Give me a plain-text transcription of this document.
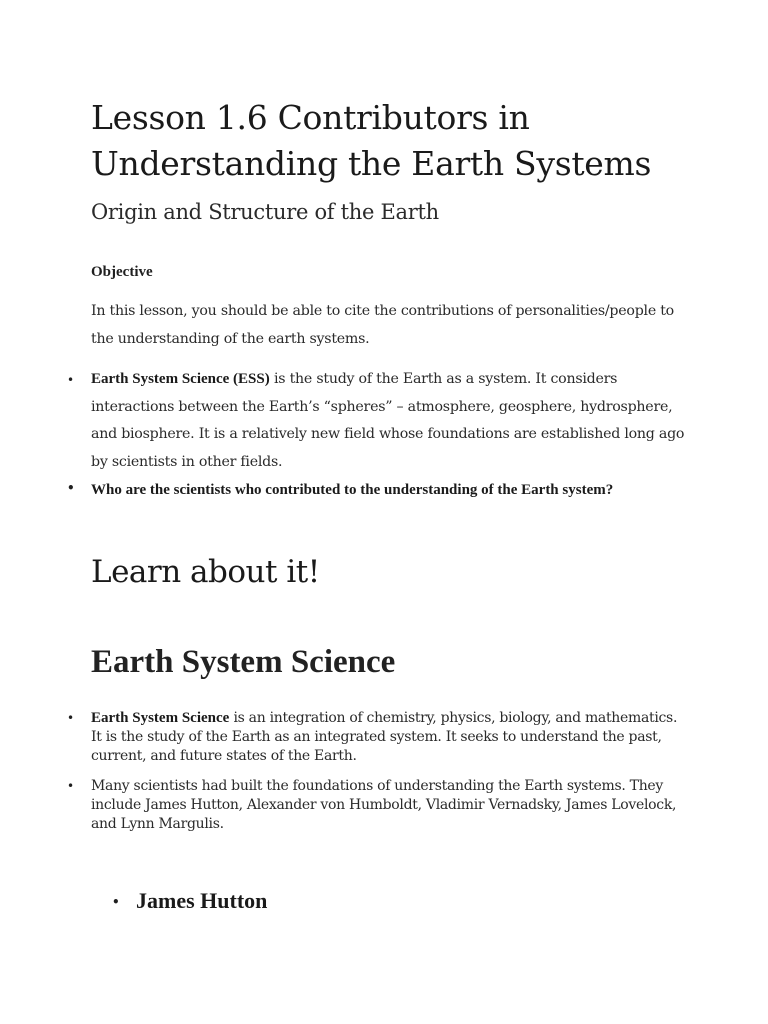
Lesson 1.6 Contributors in Understanding the Earth Systems
Origin and Structure of the Earth

Objective

In this lesson, you should be able to cite the contributions of personalities/people to the understanding of the earth systems.

• Earth System Science (ESS) is the study of the Earth as a system. It considers interactions between the Earth’s “spheres” – atmosphere, geosphere, hydrosphere, and biosphere. It is a relatively new field whose foundations are established long ago by scientists in other fields.
• Who are the scientists who contributed to the understanding of the Earth system?
Learn about it!
Earth System Science
• Earth System Science is an integration of chemistry, physics, biology, and mathematics. It is the study of the Earth as an integrated system. It seeks to understand the past, current, and future states of the Earth.
• Many scientists had built the foundations of understanding the Earth systems. They include James Hutton, Alexander von Humboldt, Vladimir Vernadsky, James Lovelock, and Lynn Margulis.
• James Hutton
